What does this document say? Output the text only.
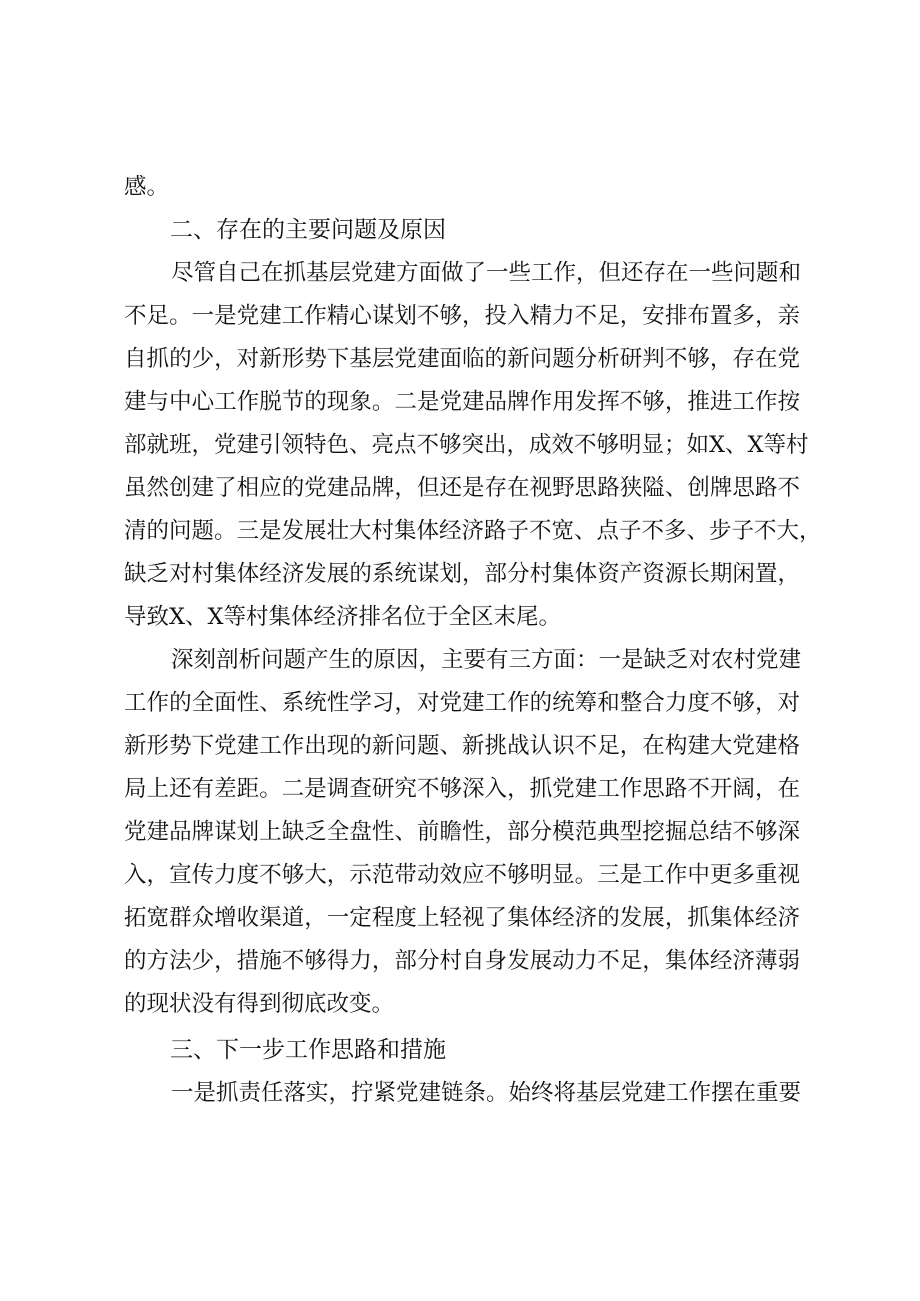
感。
二、存在的主要问题及原因
尽管自己在抓基层党建方面做了一些工作，但还存在一些问题和
不足。一是党建工作精心谋划不够，投入精力不足，安排布置多，亲
自抓的少，对新形势下基层党建面临的新问题分析研判不够，存在党
建与中心工作脱节的现象。二是党建品牌作用发挥不够，推进工作按
部就班，党建引领特色、亮点不够突出，成效不够明显；如X、X等村
虽然创建了相应的党建品牌，但还是存在视野思路狭隘、创牌思路不
清的问题。三是发展壮大村集体经济路子不宽、点子不多、步子不大，
缺乏对村集体经济发展的系统谋划，部分村集体资产资源长期闲置，
导致X、X等村集体经济排名位于全区末尾。
深刻剖析问题产生的原因，主要有三方面：一是缺乏对农村党建
工作的全面性、系统性学习，对党建工作的统筹和整合力度不够，对
新形势下党建工作出现的新问题、新挑战认识不足，在构建大党建格
局上还有差距。二是调查研究不够深入，抓党建工作思路不开阔，在
党建品牌谋划上缺乏全盘性、前瞻性，部分模范典型挖掘总结不够深
入，宣传力度不够大，示范带动效应不够明显。三是工作中更多重视
拓宽群众增收渠道，一定程度上轻视了集体经济的发展，抓集体经济
的方法少，措施不够得力，部分村自身发展动力不足，集体经济薄弱
的现状没有得到彻底改变。
三、下一步工作思路和措施
一是抓责任落实，拧紧党建链条。始终将基层党建工作摆在重要
